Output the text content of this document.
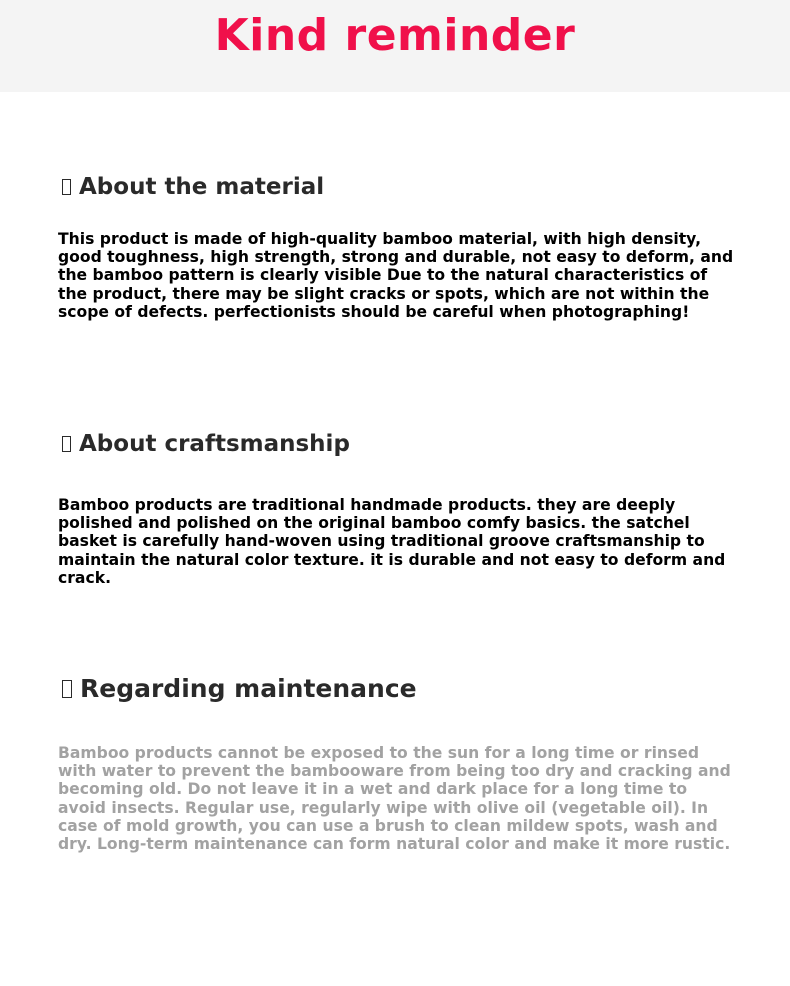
Kind reminder
About the material
This product is made of high-quality bamboo material, with high density, good toughness, high strength, strong and durable, not easy to deform, and the bamboo pattern is clearly visible Due to the natural characteristics of the product, there may be slight cracks or spots, which are not within the scope of defects. perfectionists should be careful when photographing!
About craftsmanship
Bamboo products are traditional handmade products. they are deeply polished and polished on the original bamboo comfy basics. the satchel basket is carefully hand-woven using traditional groove craftsmanship to maintain the natural color texture. it is durable and not easy to deform and crack.
Regarding maintenance
Bamboo products cannot be exposed to the sun for a long time or rinsed with water to prevent the bambooware from being too dry and cracking and becoming old. Do not leave it in a wet and dark place for a long time to avoid insects. Regular use, regularly wipe with olive oil (vegetable oil). In case of mold growth, you can use a brush to clean mildew spots, wash and dry. Long-term maintenance can form natural color and make it more rustic.
